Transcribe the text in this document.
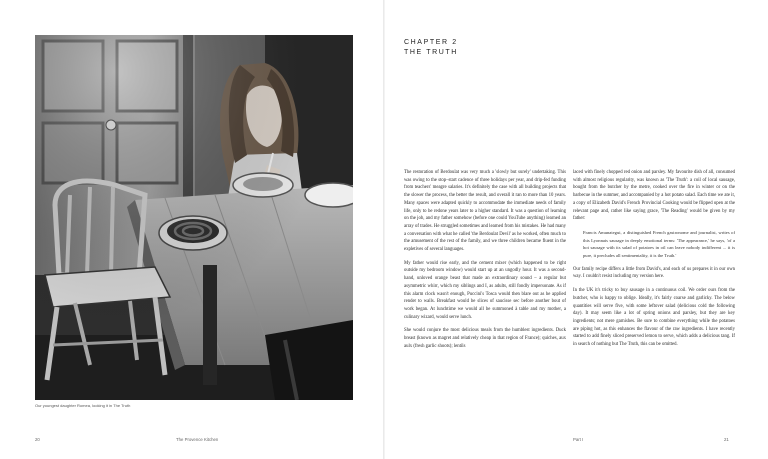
Our youngest daughter Romea, looking it in The Truth
CHAPTER 2
THE TRUTH

The restoration of Berdoulat was very much a 'slowly but surely' undertaking. This was owing to the stop–start cadence of three holidays per year, and drip-fed funding from teachers' meagre salaries. It's definitely the case with all building projects that the slower the process, the better the result, and overall it ran to more than 10 years. Many spaces were adapted quickly to accommodate the immediate needs of family life, only to be redone years later to a higher standard. It was a question of learning on the job, and my father somehow (before one could YouTube anything) learned an array of trades. He struggled sometimes and learned from his mistakes. He had many a conversation with what he called 'the Berdoulat Devil' as he worked, often much to the amusement of the rest of the family, and we three children became fluent in the expletives of several languages.

My father would rise early, and the cement mixer (which happened to be right outside my bedroom window) would start up at an ungodly hour. It was a second-hand, unloved orange beast that made an extraordinary sound – a regular but asymmetric whirr, which my siblings and I, as adults, still fondly impersonate. As if this alarm clock wasn't enough, Puccini's Tosca would then blare out as he applied render to walls. Breakfast would be slices of saucisse sec before another bout of work began. At lunchtime we would all be summoned à table and my mother, a culinary wizard, would serve lunch.

She would conjure the most delicious meals from the humblest ingredients. Duck breast (known as magret and relatively cheap in that region of France); quiches, aux aulx (fresh garlic shoots); lentils

laced with finely chopped red onion and parsley. My favourite dish of all, consumed with almost religious regularity, was known as 'The Truth': a coil of local sausage, bought from the butcher by the metre, cooked over the fire in winter or on the barbecue in the summer, and accompanied by a hot potato salad. Each time we ate it, a copy of Elizabeth David's French Provincial Cooking would be flipped open at the relevant page and, rather like saying grace, 'The Reading' would be given by my father:

Francis Amunategui, a distinguished French gastronome and journalist, writes of this Lyonnais sausage in deeply emotional terms: 'The appearance,' he says, 'of a hot sausage with its salad of potatoes in oil can leave nobody indifferent ... it is pure, it precludes all sentimentality, it is the Truth.'

Our family recipe differs a little from David's, and each of us prepares it in our own way. I couldn't resist including my version here.

In the UK it's tricky to buy sausage in a continuous coil. We order ours from the butcher, who is happy to oblige. Ideally, it's fairly coarse and garlicky. The below quantities will serve five, with some leftover salad (delicious cold the following day). It may seem like a lot of spring onions and parsley, but they are key ingredients; not mere garnishes. Be sure to combine everything while the potatoes are piping hot, as this enhances the flavour of the raw ingredients. I have recently started to add finely sliced preserved lemon to serve, which adds a delicious tang. If in search of nothing but The Truth, this can be omitted.

20	The Provence Kitchen	Part I	21
